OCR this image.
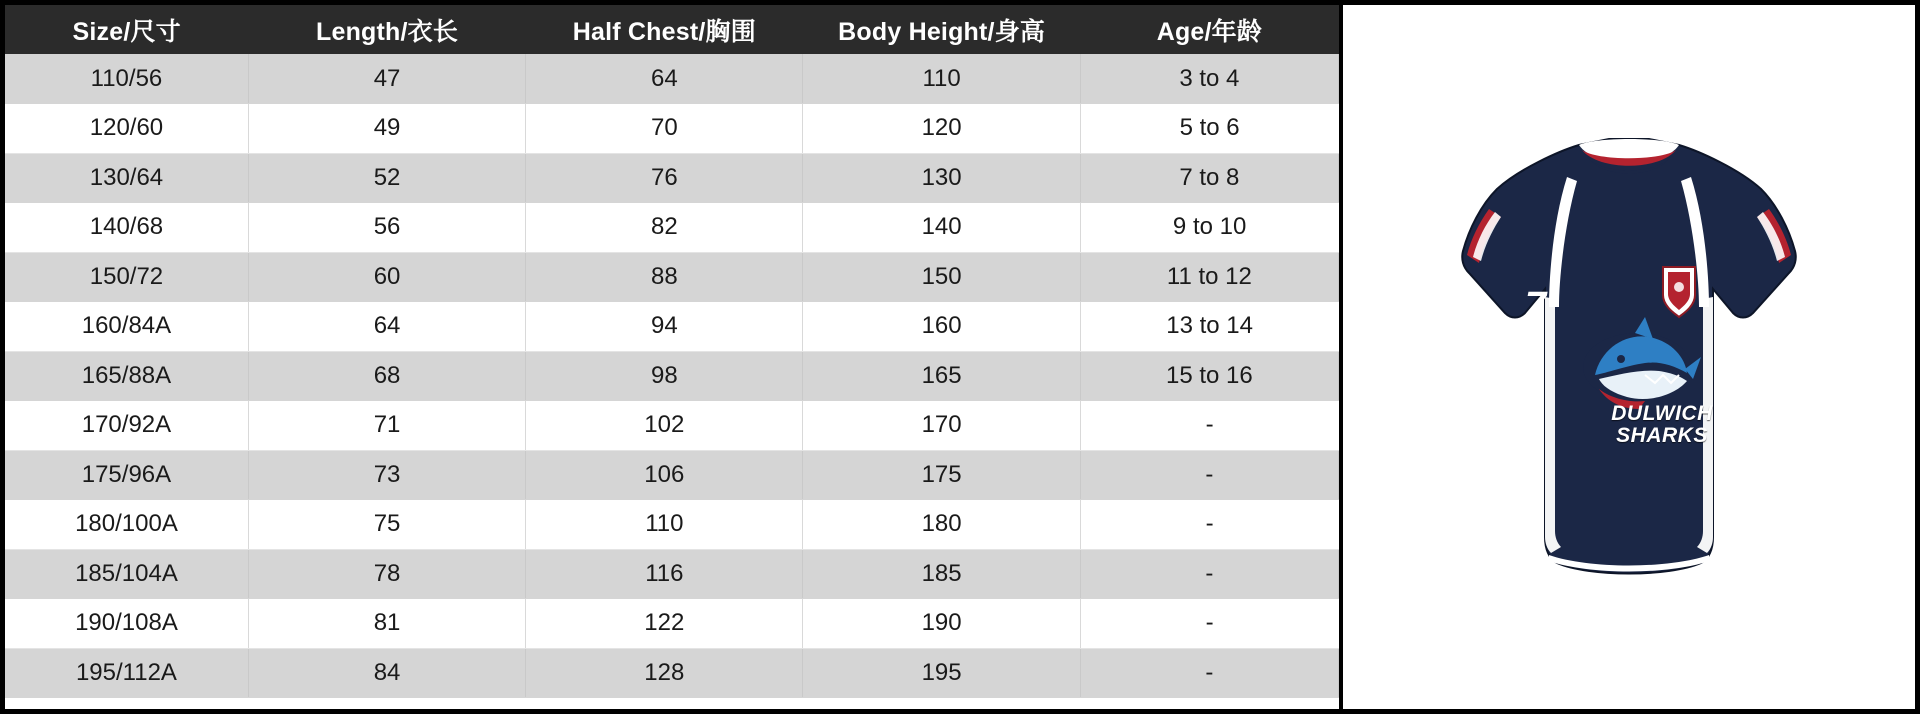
Size/尺寸	Length/衣长	Half Chest/胸围	Body Height/身高	Age/年龄
110/56	47	64	110	3 to 4
120/60	49	70	120	5 to 6
130/64	52	76	130	7 to 8
140/68	56	82	140	9 to 10
150/72	60	88	150	11 to 12
160/84A	64	94	160	13 to 14
165/88A	68	98	165	15 to 16
170/92A	71	102	170	-
175/96A	73	106	175	-
180/100A	75	110	180	-
185/104A	78	116	185	-
190/108A	81	122	190	-
195/112A	84	128	195	-
7
DULWICH
SHARKS
